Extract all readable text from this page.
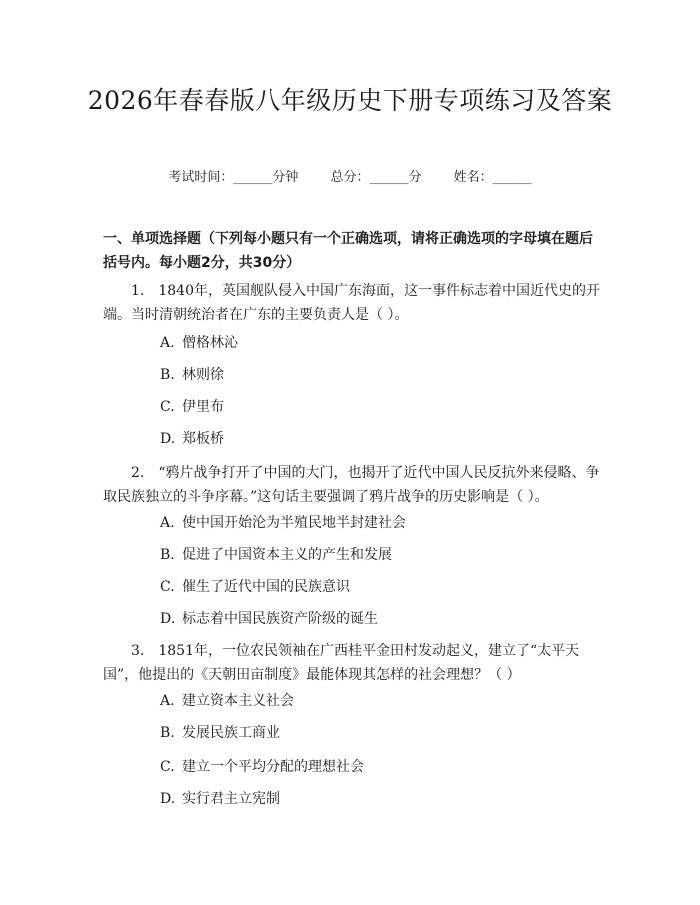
2026年春春版八年级历史下册专项练习及答案
考试时间：______分钟 总分：______分 姓名：______
一、单项选择题（下列每小题只有一个正确选项，请将正确选项的字母填在题后括号内。每小题2分，共30分）
1.　1840年，英国舰队侵入中国广东海面，这一事件标志着中国近代史的开端。当时清朝统治者在广东的主要负责人是（ ）。
A. 僧格林沁
B. 林则徐
C. 伊里布
D. 郑板桥
2.　“鸦片战争打开了中国的大门，也揭开了近代中国人民反抗外来侵略、争取民族独立的斗争序幕。”这句话主要强调了鸦片战争的历史影响是（ ）。
A. 使中国开始沦为半殖民地半封建社会
B. 促进了中国资本主义的产生和发展
C. 催生了近代中国的民族意识
D. 标志着中国民族资产阶级的诞生
3.　1851年，一位农民领袖在广西桂平金田村发动起义，建立了“太平天国”，他提出的《天朝田亩制度》最能体现其怎样的社会理想？（ ）
A. 建立资本主义社会
B. 发展民族工商业
C. 建立一个平均分配的理想社会
D. 实行君主立宪制
